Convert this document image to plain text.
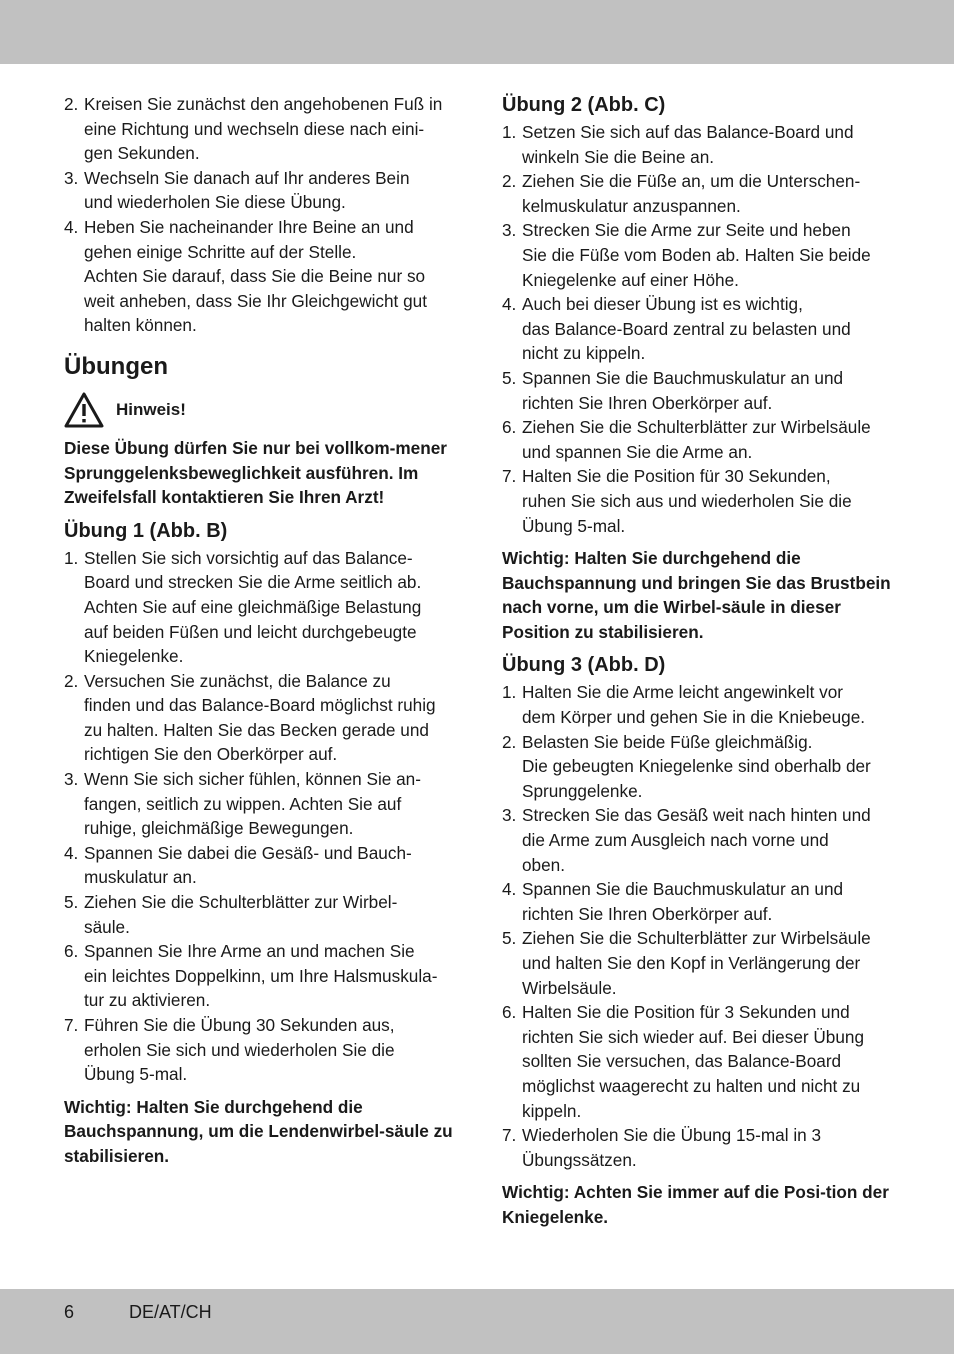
2. Kreisen Sie zunächst den angehobenen Fuß in
eine Richtung und wechseln diese nach eini-
gen Sekunden.
3. Wechseln Sie danach auf Ihr anderes Bein
und wiederholen Sie diese Übung.
4. Heben Sie nacheinander Ihre Beine an und
gehen einige Schritte auf der Stelle.
Achten Sie darauf, dass Sie die Beine nur so
weit anheben, dass Sie Ihr Gleichgewicht gut
halten können.
Übungen
Hinweis!

Diese Übung dürfen Sie nur bei vollkom-mener Sprunggelenksbeweglichkeit ausführen. Im Zweifelsfall kontaktieren Sie Ihren Arzt!

Übung 1 (Abb. B)
1. Stellen Sie sich vorsichtig auf das Balance-
Board und strecken Sie die Arme seitlich ab.
Achten Sie auf eine gleichmäßige Belastung
auf beiden Füßen und leicht durchgebeugte
Kniegelenke.
2. Versuchen Sie zunächst, die Balance zu
finden und das Balance-Board möglichst ruhig
zu halten. Halten Sie das Becken gerade und
richtigen Sie den Oberkörper auf.
3. Wenn Sie sich sicher fühlen, können Sie an-
fangen, seitlich zu wippen. Achten Sie auf
ruhige, gleichmäßige Bewegungen.
4. Spannen Sie dabei die Gesäß- und Bauch-
muskulatur an.
5. Ziehen Sie die Schulterblätter zur Wirbel-
säule.
6. Spannen Sie Ihre Arme an und machen Sie
ein leichtes Doppelkinn, um Ihre Halsmuskula-
tur zu aktivieren.
7. Führen Sie die Übung 30 Sekunden aus,
erholen Sie sich und wiederholen Sie die
Übung 5-mal.

Wichtig: Halten Sie durchgehend die Bauchspannung, um die Lendenwirbel-säule zu stabilisieren.

Übung 2 (Abb. C)
1. Setzen Sie sich auf das Balance-Board und
winkeln Sie die Beine an.
2. Ziehen Sie die Füße an, um die Unterschen-
kelmuskulatur anzuspannen.
3. Strecken Sie die Arme zur Seite und heben
Sie die Füße vom Boden ab. Halten Sie beide
Kniegelenke auf einer Höhe.
4. Auch bei dieser Übung ist es wichtig,
das Balance-Board zentral zu belasten und
nicht zu kippeln.
5. Spannen Sie die Bauchmuskulatur an und
richten Sie Ihren Oberkörper auf.
6. Ziehen Sie die Schulterblätter zur Wirbelsäule
und spannen Sie die Arme an.
7. Halten Sie die Position für 30 Sekunden,
ruhen Sie sich aus und wiederholen Sie die
Übung 5-mal.

Wichtig: Halten Sie durchgehend die Bauchspannung und bringen Sie das Brustbein nach vorne, um die Wirbel-säule in dieser Position zu stabilisieren.

Übung 3 (Abb. D)
1. Halten Sie die Arme leicht angewinkelt vor
dem Körper und gehen Sie in die Kniebeuge.
2. Belasten Sie beide Füße gleichmäßig.
Die gebeugten Kniegelenke sind oberhalb der
Sprunggelenke.
3. Strecken Sie das Gesäß weit nach hinten und
die Arme zum Ausgleich nach vorne und
oben.
4. Spannen Sie die Bauchmuskulatur an und
richten Sie Ihren Oberkörper auf.
5. Ziehen Sie die Schulterblätter zur Wirbelsäule
und halten Sie den Kopf in Verlängerung der
Wirbelsäule.
6. Halten Sie die Position für 3 Sekunden und
richten Sie sich wieder auf. Bei dieser Übung
sollten Sie versuchen, das Balance-Board
möglichst waagerecht zu halten und nicht zu
kippeln.
7. Wiederholen Sie die Übung 15-mal in 3
Übungssätzen.

Wichtig: Achten Sie immer auf die Posi-tion der Kniegelenke.

6	DE/AT/CH
